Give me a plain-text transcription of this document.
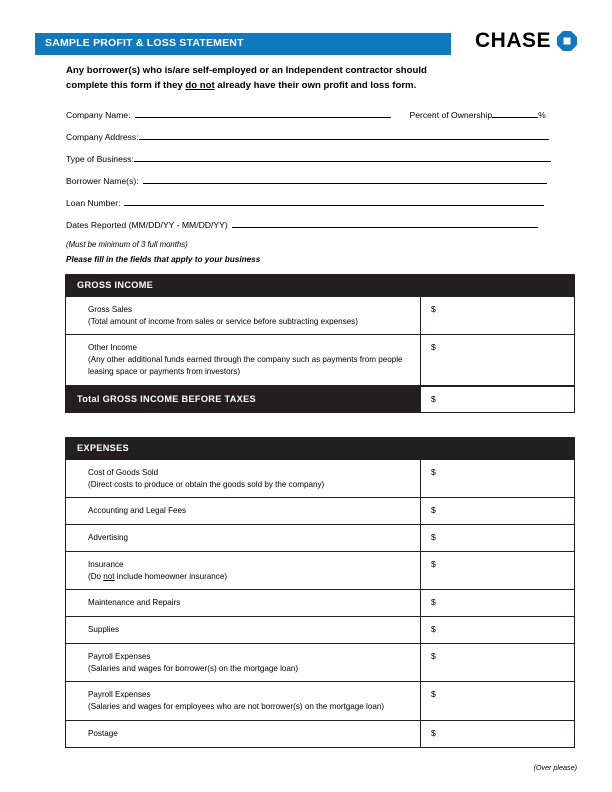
SAMPLE PROFIT & LOSS STATEMENT	CHASE
Any borrower(s) who is/are self-employed or an Independent contractor should
complete this form if they do not already have their own profit and loss form.
Company Name:	Percent of Ownership	%
Company Address:
Type of Business:
Borrower Name(s):
Loan Number:
Dates Reported (MM/DD/YY - MM/DD/YY)
(Must be minimum of 3 full months)
Please fill in the fields that apply to your business
GROSS INCOME
Gross Sales
(Total amount of income from sales or service before subtracting expenses)
$
Other Income
(Any other additional funds earned through the company such as payments from people leasing space or payments from investors)
$
Total GROSS INCOME BEFORE TAXES	$
EXPENSES
Cost of Goods Sold
(Direct costs to produce or obtain the goods sold by the company)
$
Accounting and Legal Fees	$
Advertising	$
Insurance
(Do not include homeowner insurance)
$
Maintenance and Repairs	$
Supplies	$
Payroll Expenses
(Salaries and wages for borrower(s) on the mortgage loan)
$
Payroll Expenses
(Salaries and wages for employees who are not borrower(s) on the mortgage loan)
$
Postage	$
(Over please)
